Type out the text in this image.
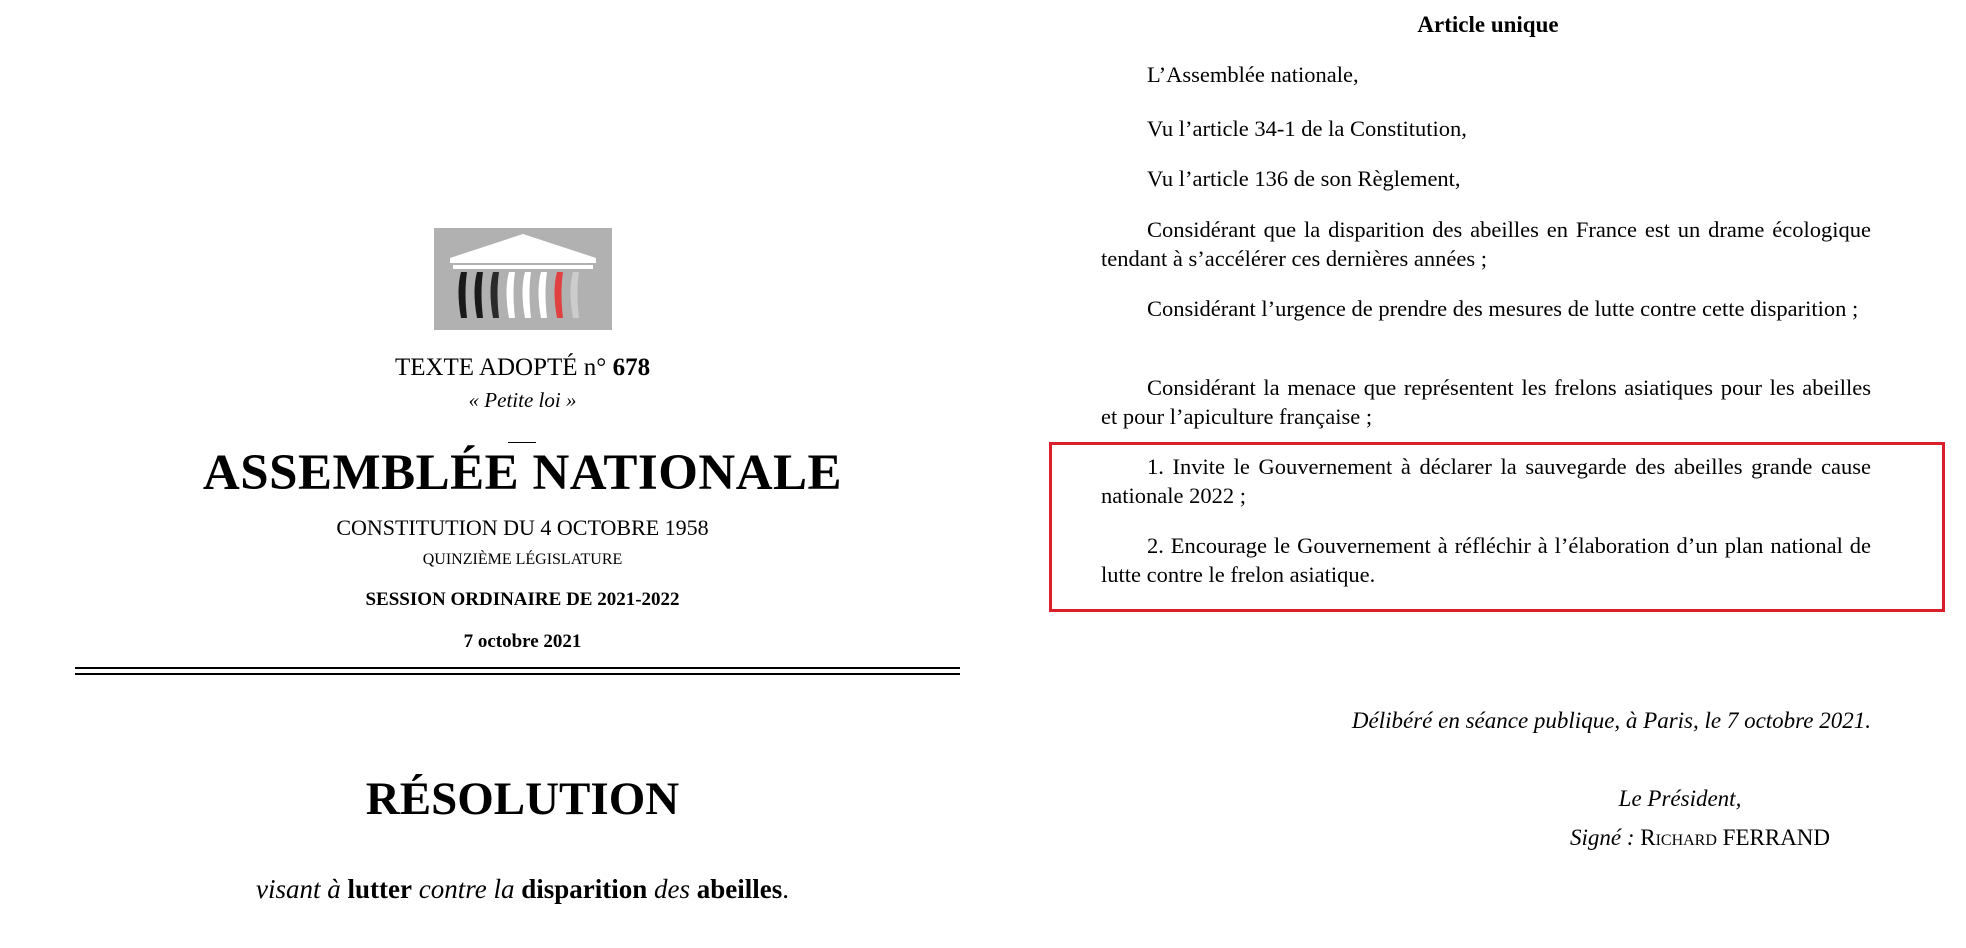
TEXTE ADOPTÉ n° 678
« Petite loi »
ASSEMBLÉE NATIONALE
CONSTITUTION DU 4 OCTOBRE 1958
QUINZIÈME LÉGISLATURE
SESSION ORDINAIRE DE 2021-2022
7 octobre 2021
RÉSOLUTION
visant à lutter contre la disparition des abeilles.
Article unique
L’Assemblée nationale,
Vu l’article 34‑1 de la Constitution,
Vu l’article 136 de son Règlement,
Considérant que la disparition des abeilles en France est un drame écologique tendant à s’accélérer ces dernières années ;
Considérant l’urgence de prendre des mesures de lutte contre cette disparition ;
Considérant la menace que représentent les frelons asiatiques pour les abeilles et pour l’apiculture française ;
1. Invite le Gouvernement à déclarer la sauvegarde des abeilles grande cause nationale 2022 ;
2. Encourage le Gouvernement à réfléchir à l’élaboration d’un plan national de lutte contre le frelon asiatique.
Délibéré en séance publique, à Paris, le 7 octobre 2021.
Le Président,
Signé : Richard FERRAND
